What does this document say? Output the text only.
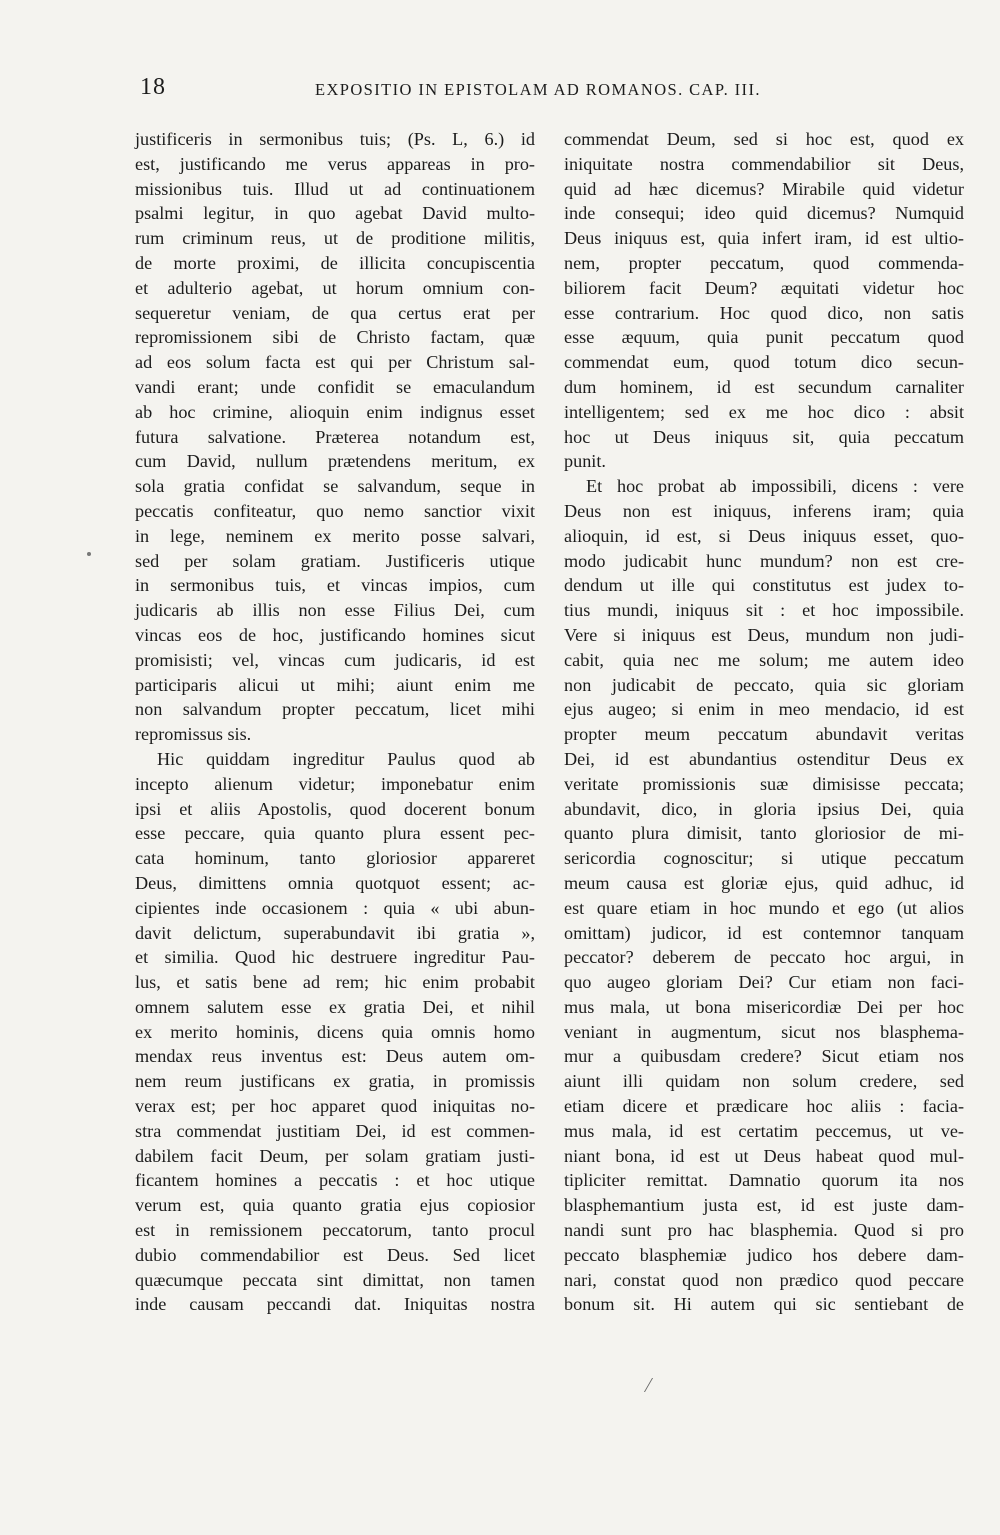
18	EXPOSITIO IN EPISTOLAM AD ROMANOS. CAP. III.
justificeris in sermonibus tuis; (Ps. L, 6.) id
est, justificando me verus appareas in pro-
missionibus tuis. Illud ut ad continuationem
psalmi legitur, in quo agebat David multo-
rum criminum reus, ut de proditione militis,
de morte proximi, de illicita concupiscentia
et adulterio agebat, ut horum omnium con-
sequeretur veniam, de qua certus erat per
repromissionem sibi de Christo factam, quæ
ad eos solum facta est qui per Christum sal-
vandi erant; unde confidit se emaculandum
ab hoc crimine, alioquin enim indignus esset
futura salvatione. Præterea notandum est,
cum David, nullum prætendens meritum, ex
sola gratia confidat se salvandum, seque in
peccatis confiteatur, quo nemo sanctior vixit
in lege, neminem ex merito posse salvari,
sed per solam gratiam. Justificeris utique
in sermonibus tuis, et vincas impios, cum
judicaris ab illis non esse Filius Dei, cum
vincas eos de hoc, justificando homines sicut
promisisti; vel, vincas cum judicaris, id est
participaris alicui ut mihi; aiunt enim me
non salvandum propter peccatum, licet mihi
repromissus sis.
Hic quiddam ingreditur Paulus quod ab
incepto alienum videtur; imponebatur enim
ipsi et aliis Apostolis, quod docerent bonum
esse peccare, quia quanto plura essent pec-
cata hominum, tanto gloriosior appareret
Deus, dimittens omnia quotquot essent; ac-
cipientes inde occasionem : quia « ubi abun-
davit delictum, superabundavit ibi gratia »,
et similia. Quod hic destruere ingreditur Pau-
lus, et satis bene ad rem; hic enim probabit
omnem salutem esse ex gratia Dei, et nihil
ex merito hominis, dicens quia omnis homo
mendax reus inventus est: Deus autem om-
nem reum justificans ex gratia, in promissis
verax est; per hoc apparet quod iniquitas no-
stra commendat justitiam Dei, id est commen-
dabilem facit Deum, per solam gratiam justi-
ficantem homines a peccatis : et hoc utique
verum est, quia quanto gratia ejus copiosior
est in remissionem peccatorum, tanto procul
dubio commendabilior est Deus. Sed licet
quæcumque peccata sint dimittat, non tamen
inde causam peccandi dat. Iniquitas nostra
commendat Deum, sed si hoc est, quod ex
iniquitate nostra commendabilior sit Deus,
quid ad hæc dicemus? Mirabile quid videtur
inde consequi; ideo quid dicemus? Numquid
Deus iniquus est, quia infert iram, id est ultio-
nem, propter peccatum, quod commenda-
biliorem facit Deum? æquitati videtur hoc
esse contrarium. Hoc quod dico, non satis
esse æquum, quia punit peccatum quod
commendat eum, quod totum dico secun-
dum hominem, id est secundum carnaliter
intelligentem; sed ex me hoc dico : absit
hoc ut Deus iniquus sit, quia peccatum
punit.
Et hoc probat ab impossibili, dicens : vere
Deus non est iniquus, inferens iram; quia
alioquin, id est, si Deus iniquus esset, quo-
modo judicabit hunc mundum? non est cre-
dendum ut ille qui constitutus est judex to-
tius mundi, iniquus sit : et hoc impossibile.
Vere si iniquus est Deus, mundum non judi-
cabit, quia nec me solum; me autem ideo
non judicabit de peccato, quia sic gloriam
ejus augeo; si enim in meo mendacio, id est
propter meum peccatum abundavit veritas
Dei, id est abundantius ostenditur Deus ex
veritate promissionis suæ dimisisse peccata;
abundavit, dico, in gloria ipsius Dei, quia
quanto plura dimisit, tanto gloriosior de mi-
sericordia cognoscitur; si utique peccatum
meum causa est gloriæ ejus, quid adhuc, id
est quare etiam in hoc mundo et ego (ut alios
omittam) judicor, id est contemnor tanquam
peccator? deberem de peccato hoc argui, in
quo augeo gloriam Dei? Cur etiam non faci-
mus mala, ut bona misericordiæ Dei per hoc
veniant in augmentum, sicut nos blasphema-
mur a quibusdam credere? Sicut etiam nos
aiunt illi quidam non solum credere, sed
etiam dicere et prædicare hoc aliis : facia-
mus mala, id est certatim peccemus, ut ve-
niant bona, id est ut Deus habeat quod mul-
tipliciter remittat. Damnatio quorum ita nos
blasphemantium justa est, id est juste dam-
nandi sunt pro hac blasphemia. Quod si pro
peccato blasphemiæ judico hos debere dam-
nari, constat quod non prædico quod peccare
bonum sit. Hi autem qui sic sentiebant de
